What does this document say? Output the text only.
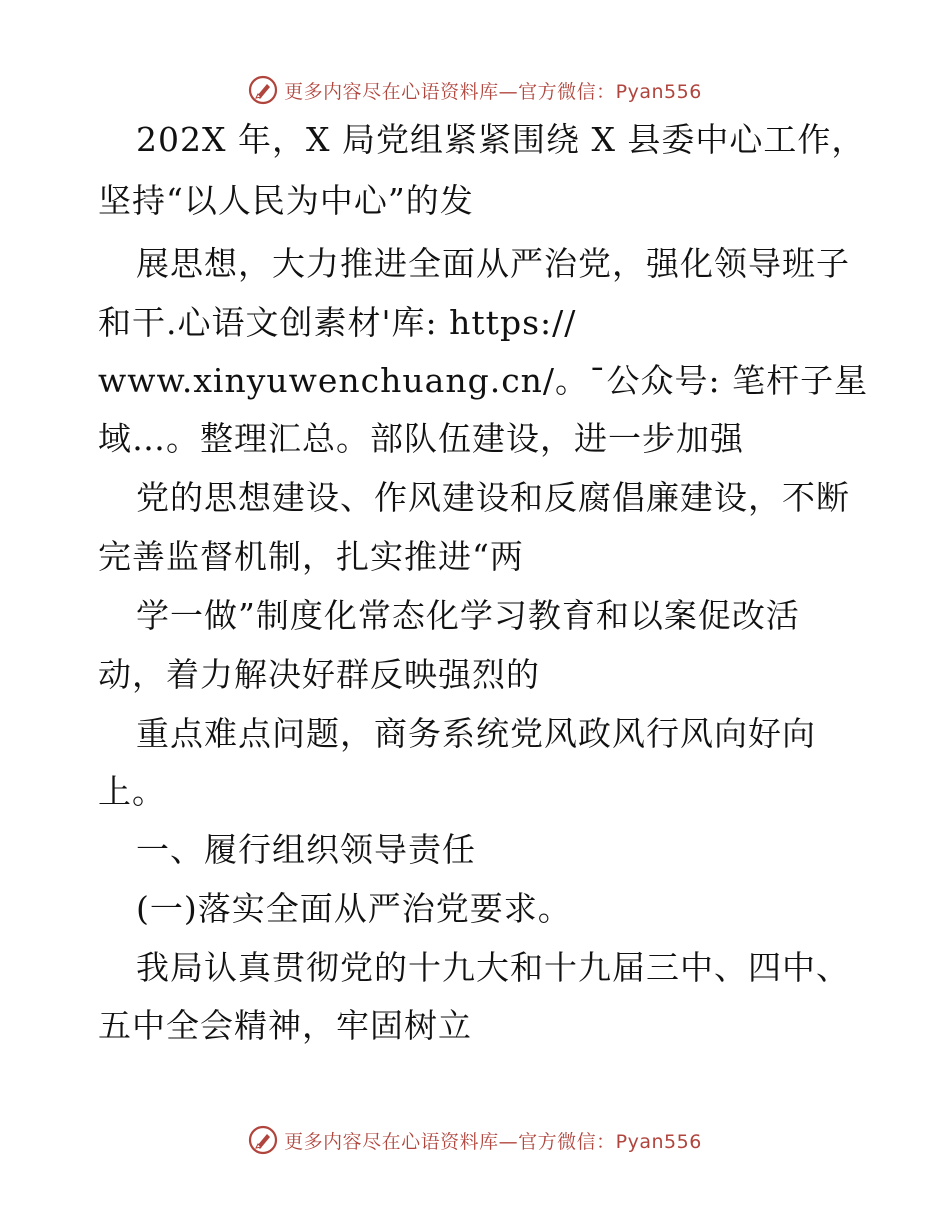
更多内容尽在心语资料库—官方微信：Pyan556
202X 年，X 局党组紧紧围绕 X 县委中心工作，
坚持“以人民为中心”的发
展思想，大力推进全面从严治党，强化领导班子
和干.心语文创素材'库: https://
www.xinyuwenchuang.cn/。¯公众号: 笔杆子星
域…。整理汇总。部队伍建设，进一步加强
党的思想建设、作风建设和反腐倡廉建设，不断
完善监督机制，扎实推进“两
学一做”制度化常态化学习教育和以案促改活
动，着力解决好群反映强烈的
重点难点问题，商务系统党风政风行风向好向
上。
一、履行组织领导责任
(一)落实全面从严治党要求。
我局认真贯彻党的十九大和十九届三中、四中、
五中全会精神，牢固树立
更多内容尽在心语资料库—官方微信：Pyan556
